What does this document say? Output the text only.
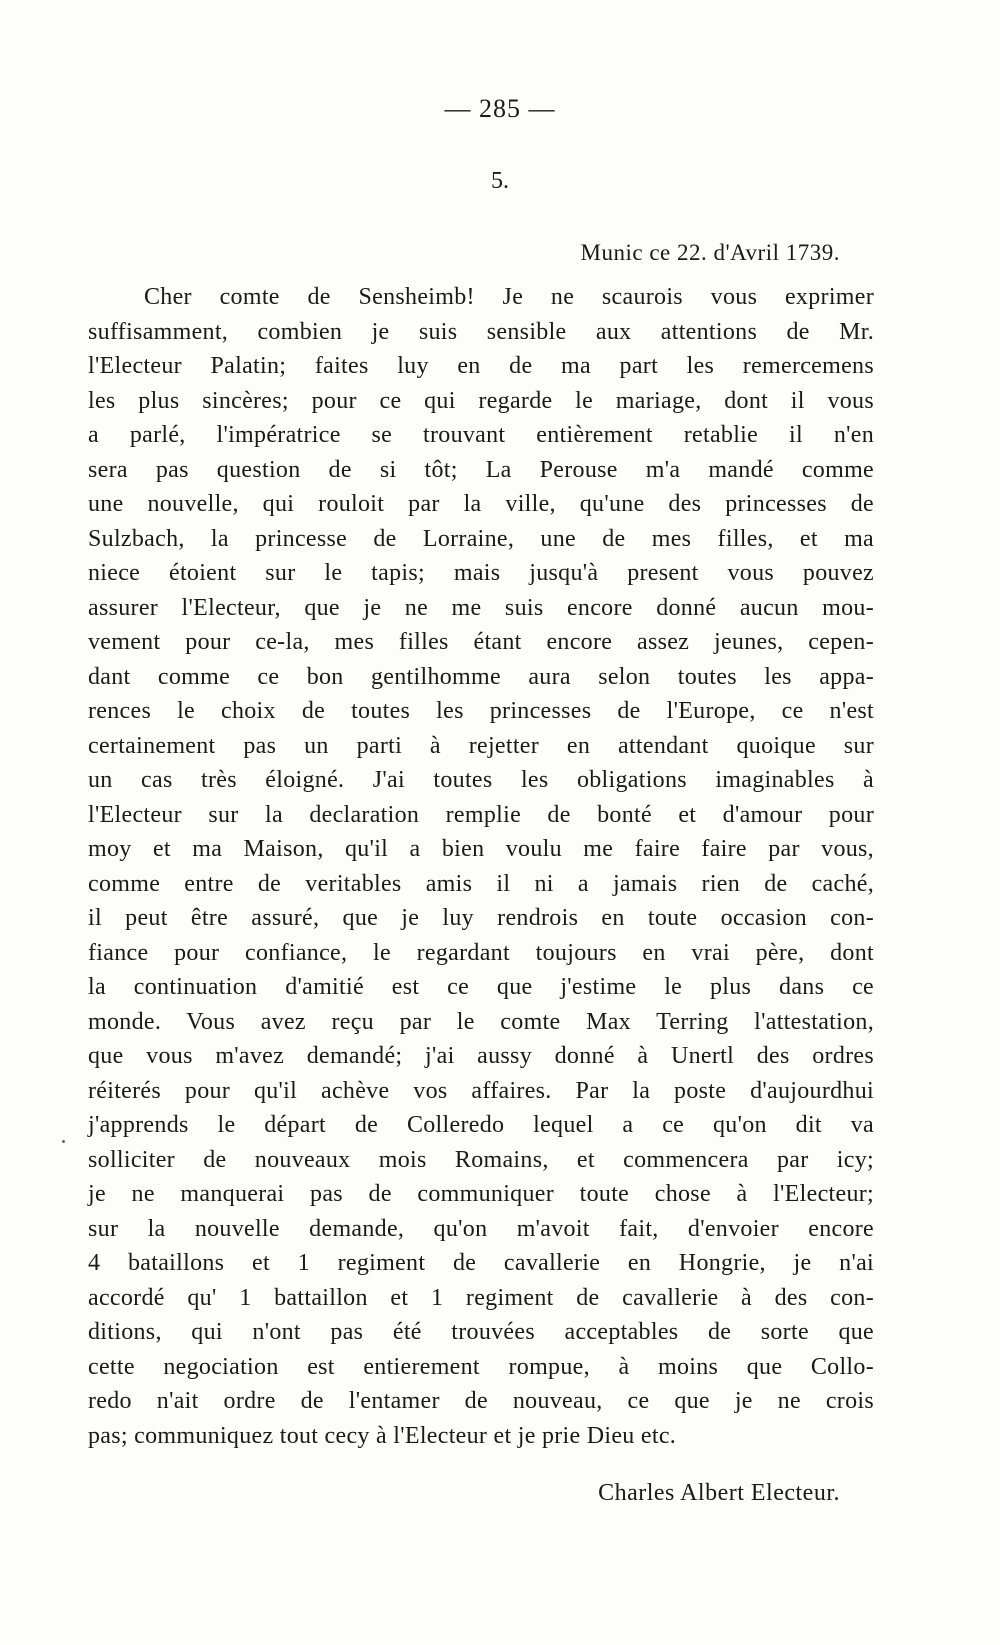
— 285 —
5.
Munic ce 22. d'Avril 1739.
Cher comte de Sensheimb! Je ne scaurois vous exprimer
suffisamment, combien je suis sensible aux attentions de Mr.
l'Electeur Palatin; faites luy en de ma part les remercemens
les plus sincères; pour ce qui regarde le mariage, dont il vous
a parlé, l'impératrice se trouvant entièrement retablie il n'en
sera pas question de si tôt; La Perouse m'a mandé comme
une nouvelle, qui rouloit par la ville, qu'une des princesses de
Sulzbach, la princesse de Lorraine, une de mes filles, et ma
niece étoient sur le tapis; mais jusqu'à present vous pouvez
assurer l'Electeur, que je ne me suis encore donné aucun mou-
vement pour ce-la, mes filles étant encore assez jeunes, cepen-
dant comme ce bon gentilhomme aura selon toutes les appa-
rences le choix de toutes les princesses de l'Europe, ce n'est
certainement pas un parti à rejetter en attendant quoique sur
un cas très éloigné. J'ai toutes les obligations imaginables à
l'Electeur sur la declaration remplie de bonté et d'amour pour
moy et ma Maison, qu'il a bien voulu me faire faire par vous,
comme entre de veritables amis il ni a jamais rien de caché,
il peut être assuré, que je luy rendrois en toute occasion con-
fiance pour confiance, le regardant toujours en vrai père, dont
la continuation d'amitié est ce que j'estime le plus dans ce
monde. Vous avez reçu par le comte Max Terring l'attestation,
que vous m'avez demandé; j'ai aussy donné à Unertl des ordres
réiterés pour qu'il achève vos affaires. Par la poste d'aujourdhui
j'apprends le départ de Colleredo lequel a ce qu'on dit va
solliciter de nouveaux mois Romains, et commencera par icy;
je ne manquerai pas de communiquer toute chose à l'Electeur;
sur la nouvelle demande, qu'on m'avoit fait, d'envoier encore
4 bataillons et 1 regiment de cavallerie en Hongrie, je n'ai
accordé qu' 1 battaillon et 1 regiment de cavallerie à des con-
ditions, qui n'ont pas été trouvées acceptables de sorte que
cette negociation est entierement rompue, à moins que Collo-
redo n'ait ordre de l'entamer de nouveau, ce que je ne crois
pas; communiquez tout cecy à l'Electeur et je prie Dieu etc.
Charles Albert Electeur.
